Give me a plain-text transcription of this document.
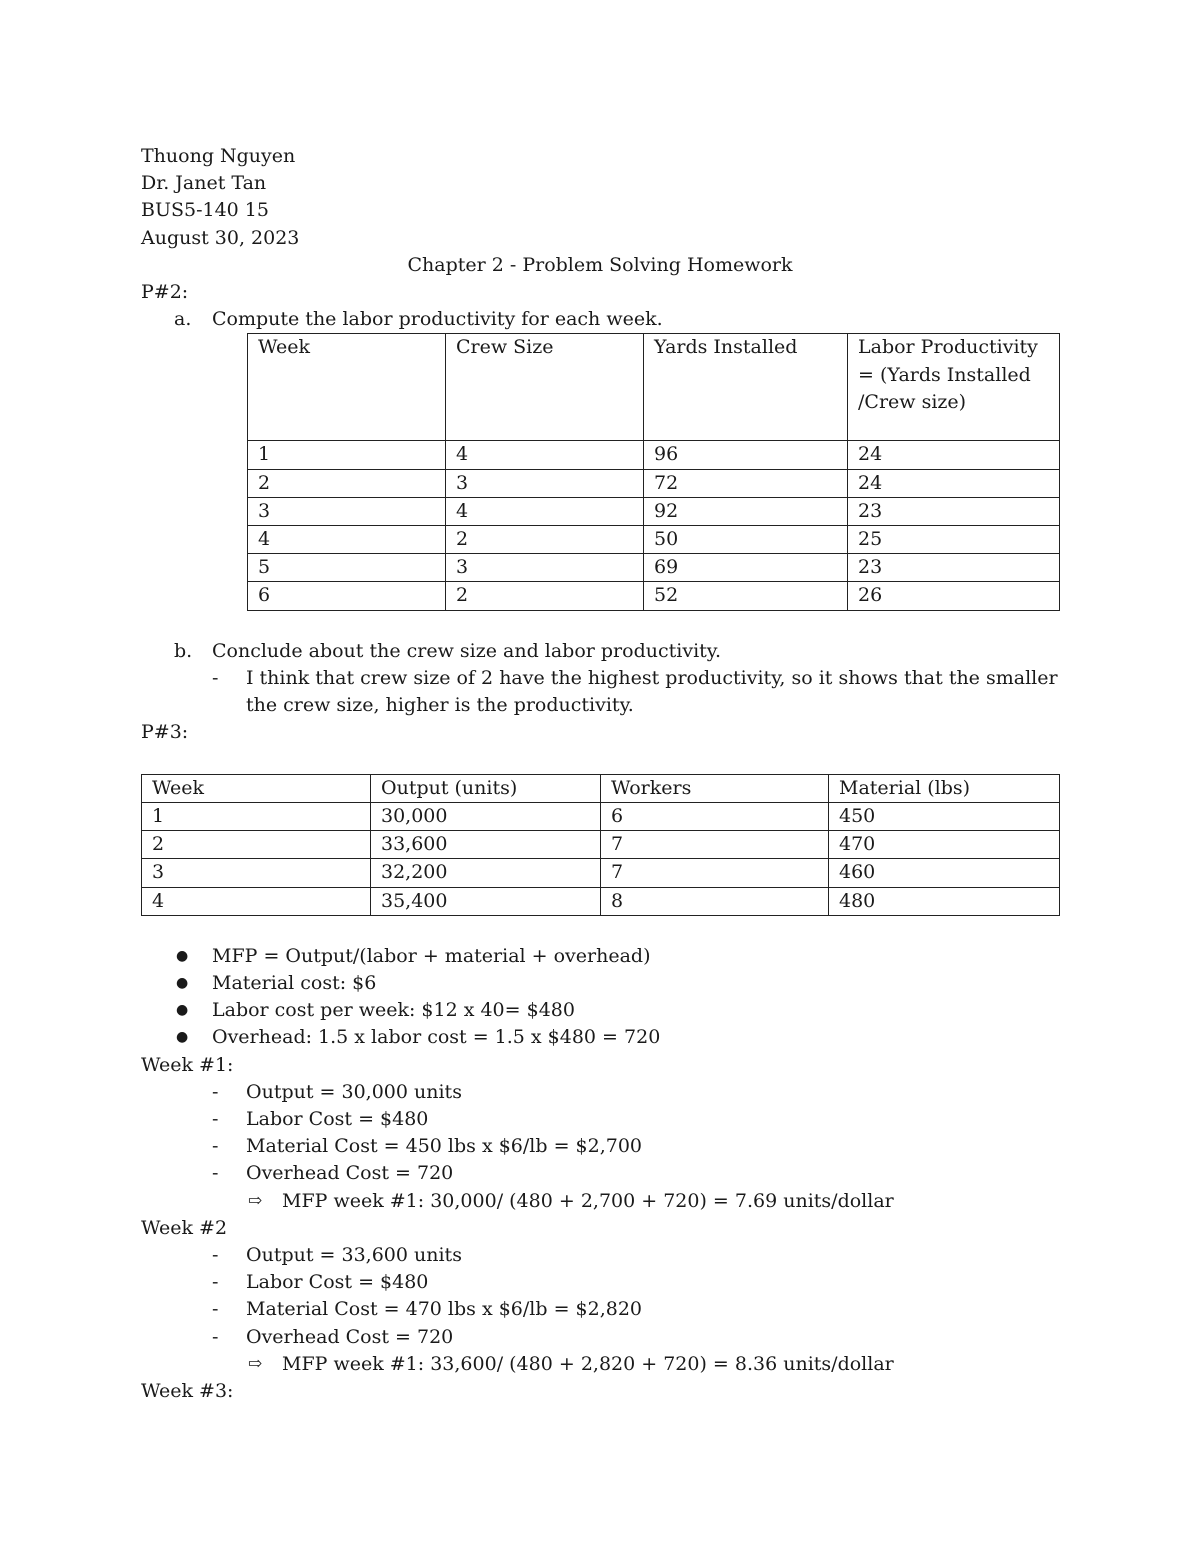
Thuong Nguyen
Dr. Janet Tan
BUS5-140 15
August 30, 2023
Chapter 2 - Problem Solving Homework
P#2:
a. Compute the labor productivity for each week.
Week	Crew Size	Yards Installed	Labor Productivity = (Yards Installed /Crew size)
1	4	96	24
2	3	72	24
3	4	92	23
4	2	50	25
5	3	69	23
6	2	52	26
b. Conclude about the crew size and labor productivity.
- I think that crew size of 2 have the highest productivity, so it shows that the smaller the crew size, higher is the productivity.
P#3:
Week	Output (units)	Workers	Material (lbs)
1	30,000	6	450
2	33,600	7	470
3	32,200	7	460
4	35,400	8	480
● MFP = Output/(labor + material + overhead)
● Material cost: $6
● Labor cost per week: $12 x 40= $480
● Overhead: 1.5 x labor cost = 1.5 x $480 = 720
Week #1:
- Output = 30,000 units
- Labor Cost = $480
- Material Cost = 450 lbs x $6/lb = $2,700
- Overhead Cost = 720
⇨ MFP week #1: 30,000/ (480 + 2,700 + 720) = 7.69 units/dollar
Week #2
- Output = 33,600 units
- Labor Cost = $480
- Material Cost = 470 lbs x $6/lb = $2,820
- Overhead Cost = 720
⇨ MFP week #1: 33,600/ (480 + 2,820 + 720) = 8.36 units/dollar
Week #3:
